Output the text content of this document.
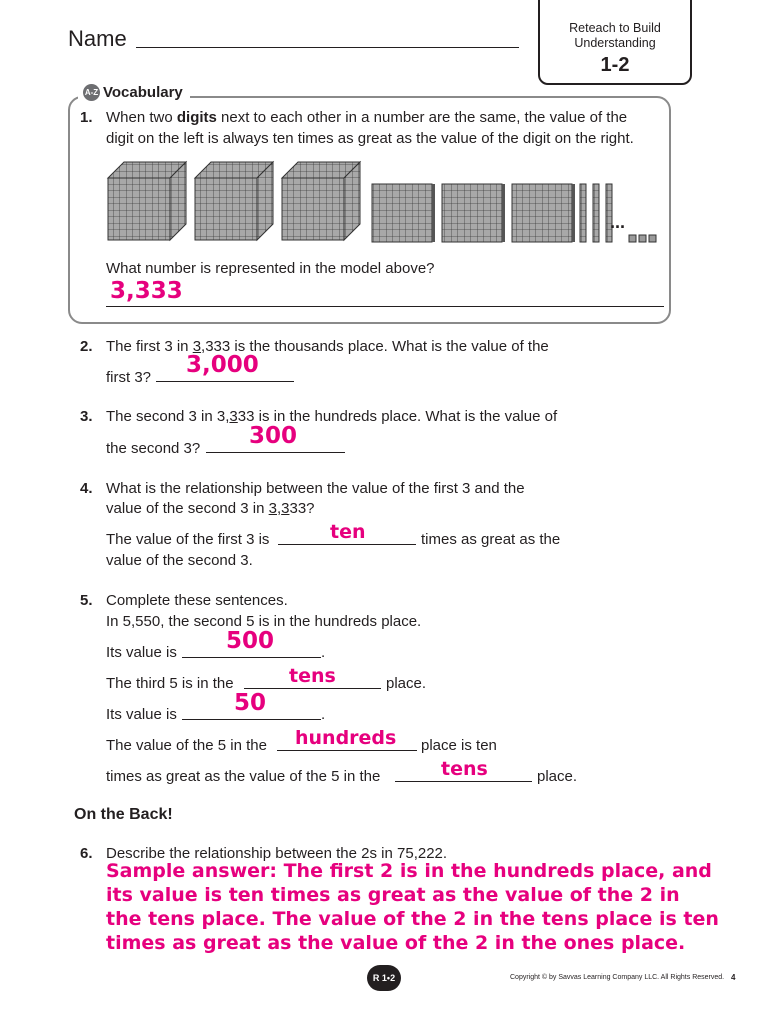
Name	Reteach to Build
Understanding
1-2
A-Z Vocabulary
1. When two digits next to each other in a number are the same, the value of the
digit on the left is always ten times as great as the value of the digit on the right.
...
What number is represented in the model above?
3,333
2. The first 3 in 3,333 is the thousands place. What is the value of the
first 3? 3,000
3. The second 3 in 3,333 is in the hundreds place. What is the value of
the second 3? 300
4. What is the relationship between the value of the first 3 and the
value of the second 3 in 3,333?
The value of the first 3 is	ten	times as great as the
value of the second 3.
5. Complete these sentences.
In 5,550, the second 5 is in the hundreds place.
Its value is 500	.
The third 5 is in the	tens	place.
Its value is 50	.
The value of the 5 in the hundreds place is ten
times as great as the value of the 5 in the	tens	place.
On the Back!
6. Describe the relationship between the 2s in 75,222.
Sample answer: The first 2 is in the hundreds place, and
its value is ten times as great as the value of the 2 in
the tens place. The value of the 2 in the tens place is ten
times as great as the value of the 2 in the ones place.
R 1•2	Copyright © by Savvas Learning Company LLC. All Rights Reserved. 4
